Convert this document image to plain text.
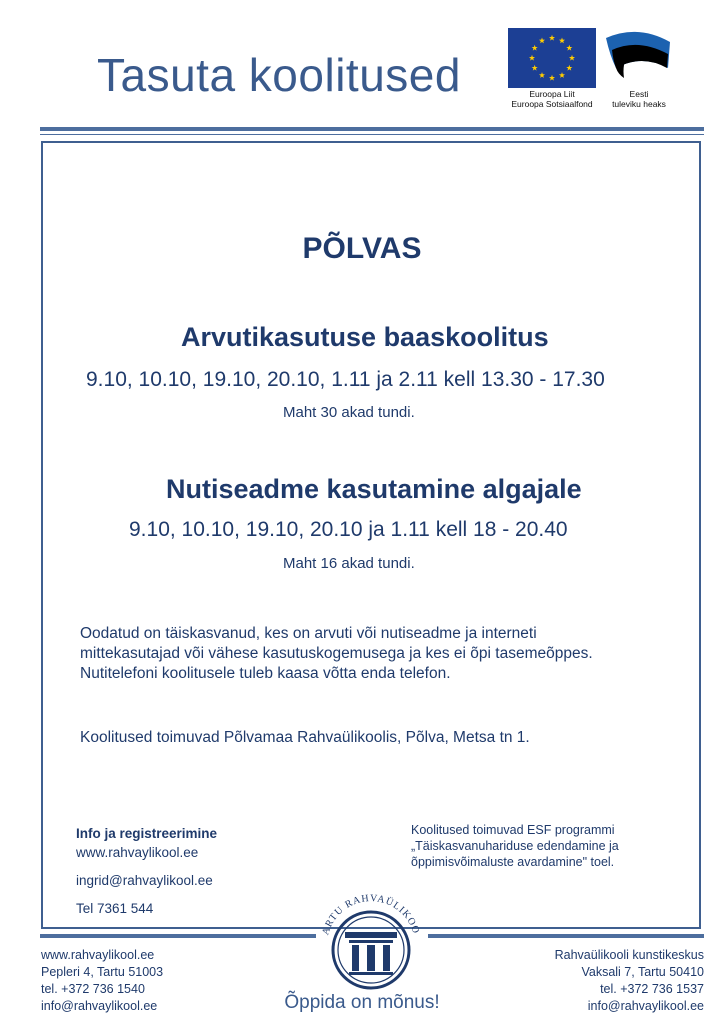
Tasuta koolitused	Euroopa Liit
Euroopa Sotsiaalfond
Eesti
tuleviku heaks
PÕLVAS
Arvutikasutuse baaskoolitus
9.10, 10.10, 19.10, 20.10, 1.11 ja 2.11 kell 13.30 - 17.30
Maht 30 akad tundi.
Nutiseadme kasutamine algajale
9.10, 10.10, 19.10, 20.10 ja 1.11 kell 18 - 20.40
Maht 16 akad tundi.
Oodatud on täiskasvanud, kes on arvuti või nutiseadme ja interneti
mittekasutajad või vähese kasutuskogemusega ja kes ei õpi tasemeõppes.
Nutitelefoni koolitusele tuleb kaasa võtta enda telefon.
Koolitused toimuvad Põlvamaa Rahvaülikoolis, Põlva, Metsa tn 1.
Info ja registreerimine
www.rahvaylikool.ee
ingrid@rahvaylikool.ee
Tel 7361 544
Koolitused toimuvad ESF programmi
„Täiskasvanuhariduse edendamine ja
õppimisvõimaluste avardamine" toel.
ARTU RAHVAÜLIKOO
www.rahvaylikool.ee
Pepleri 4, Tartu 51003
tel. +372 736 1540
info@rahvaylikool.ee
Rahvaülikooli kunstikeskus
Vaksali 7, Tartu 50410
tel. +372 736 1537
info@rahvaylikool.ee
Õppida on mõnus!
